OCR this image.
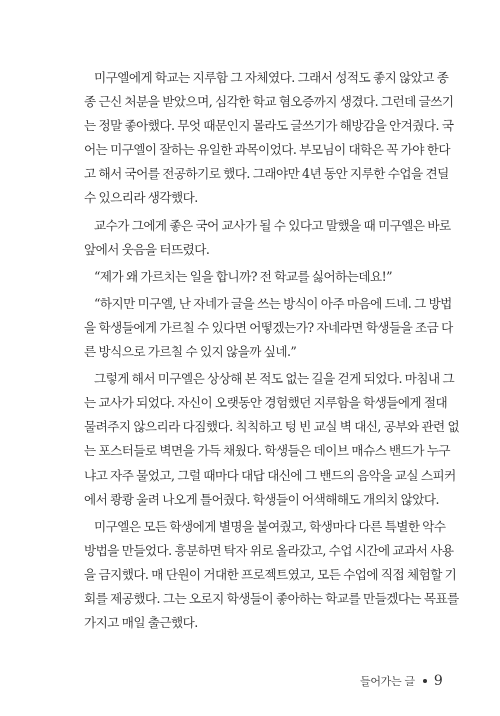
미구엘에게 학교는 지루함 그 자체였다. 그래서 성적도 좋지 않았고 종
종 근신 처분을 받았으며, 심각한 학교 혐오증까지 생겼다. 그런데 글쓰기
는 정말 좋아했다. 무엇 때문인지 몰라도 글쓰기가 해방감을 안겨줬다. 국
어는 미구엘이 잘하는 유일한 과목이었다. 부모님이 대학은 꼭 가야 한다
고 해서 국어를 전공하기로 했다. 그래야만 4년 동안 지루한 수업을 견딜
수 있으리라 생각했다.

교수가 그에게 좋은 국어 교사가 될 수 있다고 말했을 때 미구엘은 바로
앞에서 웃음을 터뜨렸다.

“제가 왜 가르치는 일을 합니까? 전 학교를 싫어하는데요!”

“하지만 미구엘, 난 자네가 글을 쓰는 방식이 아주 마음에 드네. 그 방법
을 학생들에게 가르칠 수 있다면 어떻겠는가? 자네라면 학생들을 조금 다
른 방식으로 가르칠 수 있지 않을까 싶네.”

그렇게 해서 미구엘은 상상해 본 적도 없는 길을 걷게 되었다. 마침내 그
는 교사가 되었다. 자신이 오랫동안 경험했던 지루함을 학생들에게 절대
물려주지 않으리라 다짐했다. 칙칙하고 텅 빈 교실 벽 대신, 공부와 관련 없
는 포스터들로 벽면을 가득 채웠다. 학생들은 데이브 매슈스 밴드가 누구
냐고 자주 물었고, 그럴 때마다 대답 대신에 그 밴드의 음악을 교실 스피커
에서 쾅쾅 울려 나오게 틀어줬다. 학생들이 어색해해도 개의치 않았다.

미구엘은 모든 학생에게 별명을 붙여줬고, 학생마다 다른 특별한 악수
방법을 만들었다. 흥분하면 탁자 위로 올라갔고, 수업 시간에 교과서 사용
을 금지했다. 매 단원이 거대한 프로젝트였고, 모든 수업에 직접 체험할 기
회를 제공했다. 그는 오로지 학생들이 좋아하는 학교를 만들겠다는 목표를
가지고 매일 출근했다.

들어가는 글 9
